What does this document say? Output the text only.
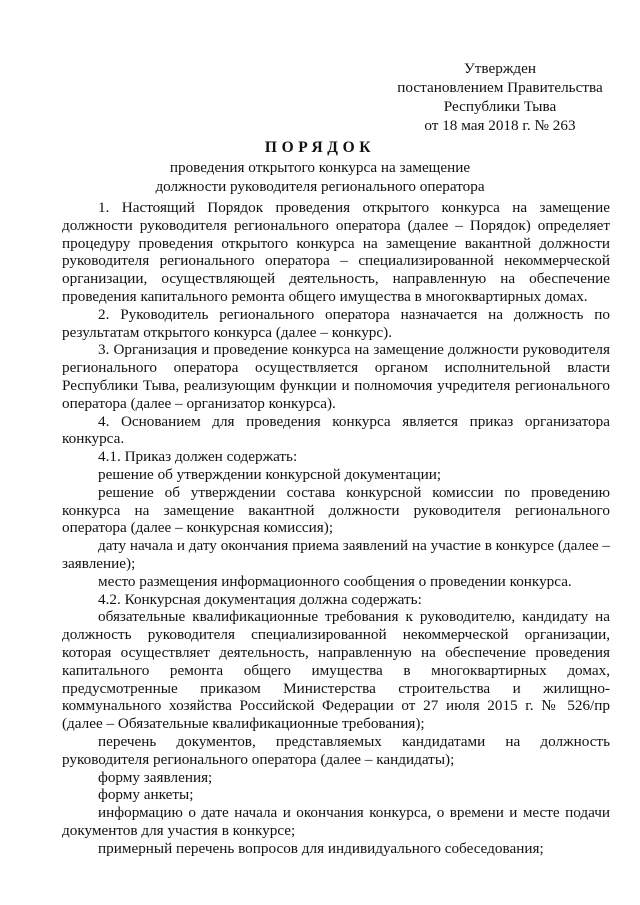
Утвержден
постановлением Правительства
Республики Тыва
от 18 мая 2018 г. № 263
ПОРЯДОК
проведения открытого конкурса на замещение
должности руководителя регионального оператора

1. Настоящий Порядок проведения открытого конкурса на замещение должности руководителя регионального оператора (далее – Порядок) определяет процедуру проведения открытого конкурса на замещение вакантной должности руководителя регионального оператора – специализированной некоммерческой организации, осуществляющей деятельность, направленную на обеспечение проведения капитального ремонта общего имущества в многоквартирных домах.

2. Руководитель регионального оператора назначается на должность по результатам открытого конкурса (далее – конкурс).

3. Организация и проведение конкурса на замещение должности руководителя регионального оператора осуществляется органом исполнительной власти Республики Тыва, реализующим функции и полномочия учредителя регионального оператора (далее – организатор конкурса).

4. Основанием для проведения конкурса является приказ организатора конкурса.

4.1. Приказ должен содержать:

решение об утверждении конкурсной документации;

решение об утверждении состава конкурсной комиссии по проведению конкурса на замещение вакантной должности руководителя регионального оператора (далее – конкурсная комиссия);

дату начала и дату окончания приема заявлений на участие в конкурсе (далее – заявление);

место размещения информационного сообщения о проведении конкурса.

4.2. Конкурсная документация должна содержать:

обязательные квалификационные требования к руководителю, кандидату на должность руководителя специализированной некоммерческой организации, которая осуществляет деятельность, направленную на обеспечение проведения капитального ремонта общего имущества в многоквартирных домах, предусмотренные приказом Министерства строительства и жилищно-коммунального хозяйства Российской Федерации от 27 июля 2015 г. № 526/пр (далее – Обязательные квалификационные требования);

перечень документов, представляемых кандидатами на должность руководителя регионального оператора (далее – кандидаты);

форму заявления;

форму анкеты;

информацию о дате начала и окончания конкурса, о времени и месте подачи документов для участия в конкурсе;

примерный перечень вопросов для индивидуального собеседования;
